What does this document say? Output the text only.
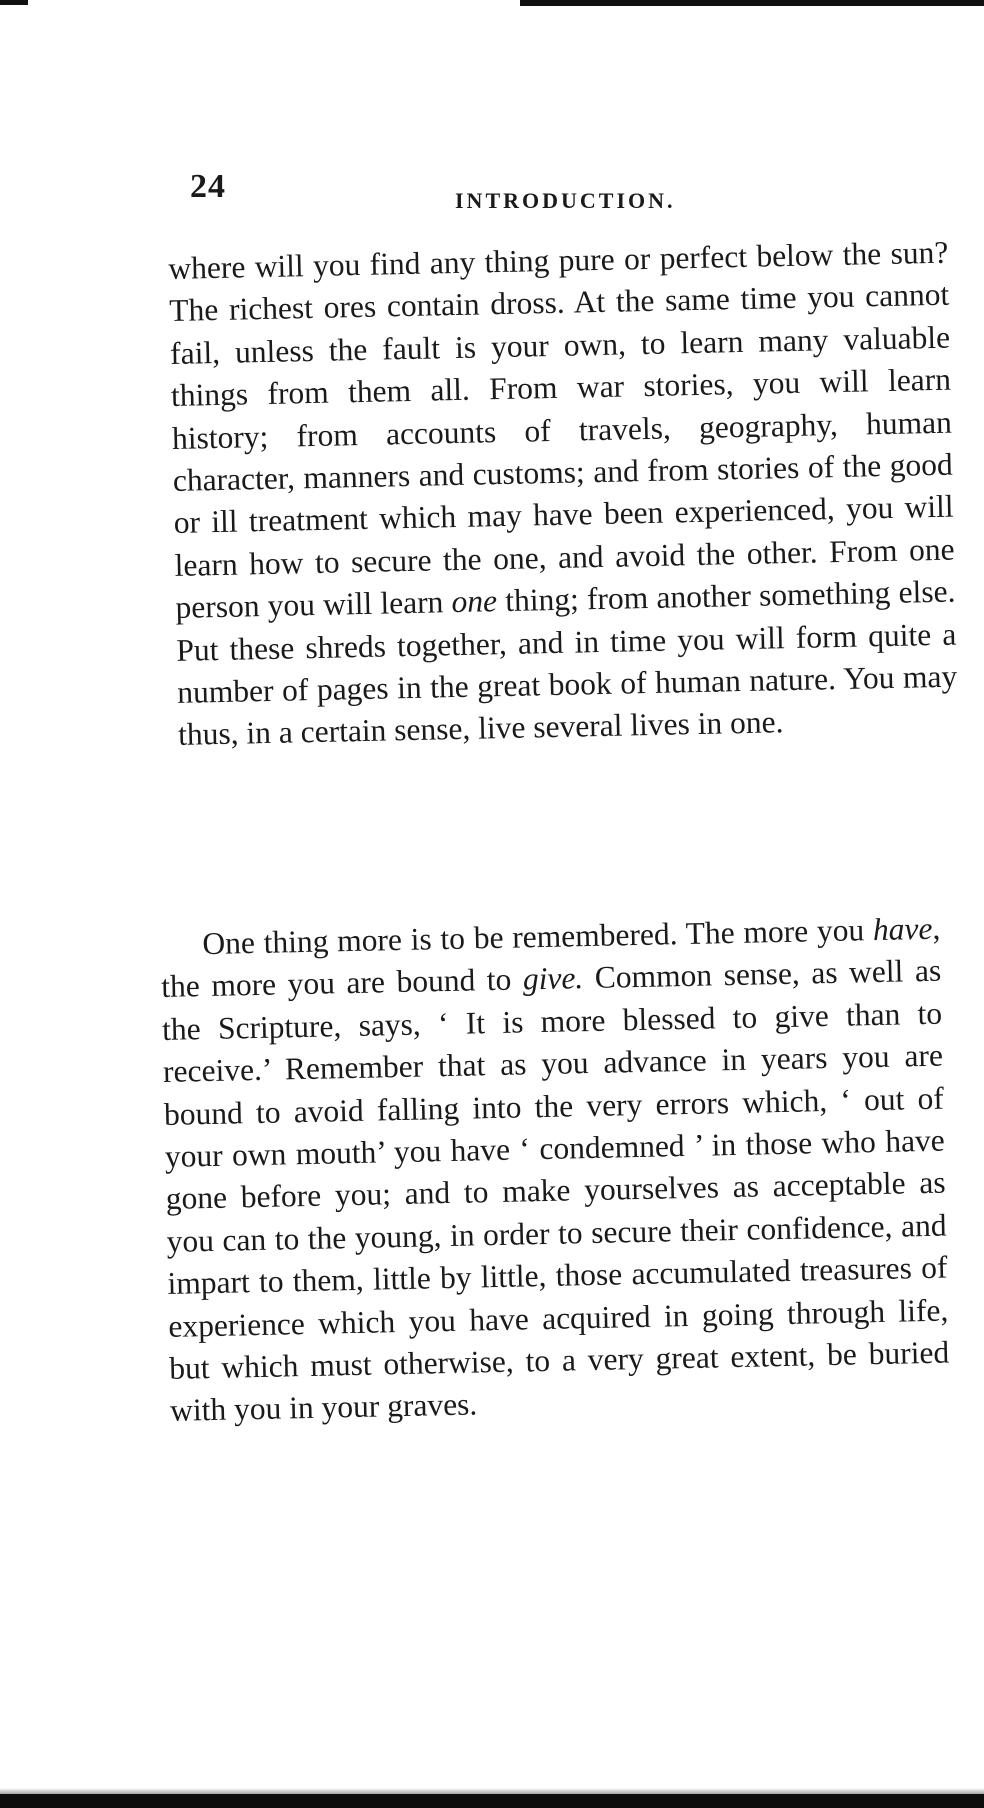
24	INTRODUCTION.

where will you find any thing pure or perfect below the sun? The richest ores contain dross. At the same time you cannot fail, unless the fault is your own, to learn many valuable things from them all. From war stories, you will learn history; from accounts of travels, geography, human character, manners and customs; and from stories of the good or ill treatment which may have been experienced, you will learn how to secure the one, and avoid the other. From one person you will learn one thing; from another something else. Put these shreds together, and in time you will form quite a number of pages in the great book of human nature. You may thus, in a certain sense, live several lives in one.

One thing more is to be remembered. The more you have, the more you are bound to give. Common sense, as well as the Scripture, says, ‘ It is more blessed to give than to receive.’ Remember that as you advance in years you are bound to avoid falling into the very errors which, ‘ out of your own mouth’ you have ‘ condemned ’ in those who have gone before you; and to make yourselves as acceptable as you can to the young, in order to secure their confidence, and impart to them, little by little, those accumulated treasures of experience which you have acquired in going through life, but which must otherwise, to a very great extent, be buried with you in your graves.
